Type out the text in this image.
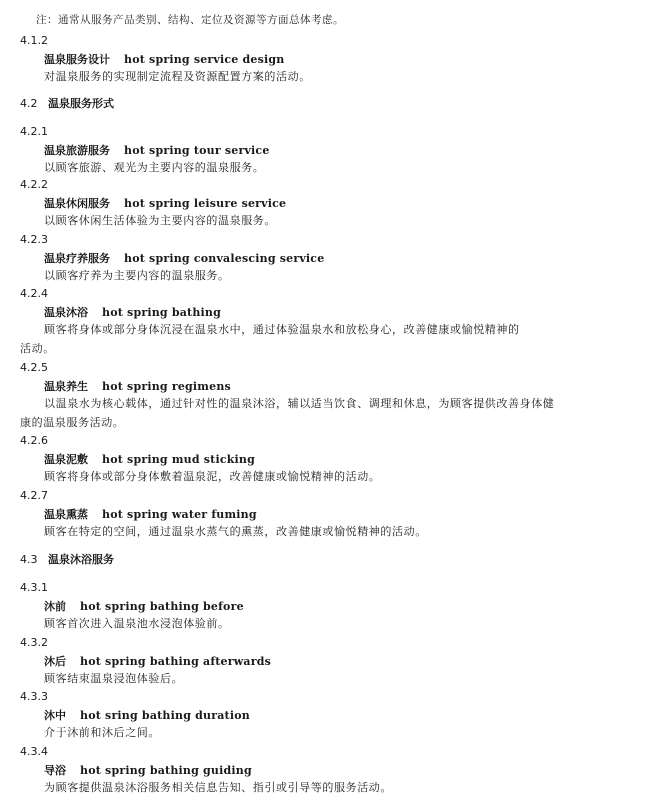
注：通常从服务产品类别、结构、定位及资源等方面总体考虑。
4.1.2
温泉服务设计 hot spring service design
对温泉服务的实现制定流程及资源配置方案的活动。
4.2 温泉服务形式
4.2.1
温泉旅游服务 hot spring tour service
以顾客旅游、观光为主要内容的温泉服务。
4.2.2
温泉休闲服务 hot spring leisure service
以顾客休闲生活体验为主要内容的温泉服务。
4.2.3
温泉疗养服务 hot spring convalescing service
以顾客疗养为主要内容的温泉服务。
4.2.4
温泉沐浴 hot spring bathing
顾客将身体或部分身体沉浸在温泉水中，通过体验温泉水和放松身心，改善健康或愉悦精神的
活动。
4.2.5
温泉养生 hot spring regimens
以温泉水为核心载体，通过针对性的温泉沐浴，辅以适当饮食、调理和休息，为顾客提供改善身体健
康的温泉服务活动。
4.2.6
温泉泥敷 hot spring mud sticking
顾客将身体或部分身体敷着温泉泥，改善健康或愉悦精神的活动。
4.2.7
温泉熏蒸 hot spring water fuming
顾客在特定的空间，通过温泉水蒸气的熏蒸，改善健康或愉悦精神的活动。
4.3 温泉沐浴服务
4.3.1
沐前 hot spring bathing before
顾客首次进入温泉池水浸泡体验前。
4.3.2
沐后 hot spring bathing afterwards
顾客结束温泉浸泡体验后。
4.3.3
沐中 hot sring bathing duration
介于沐前和沐后之间。
4.3.4
导浴 hot spring bathing guiding
为顾客提供温泉沐浴服务相关信息告知、指引或引导等的服务活动。
